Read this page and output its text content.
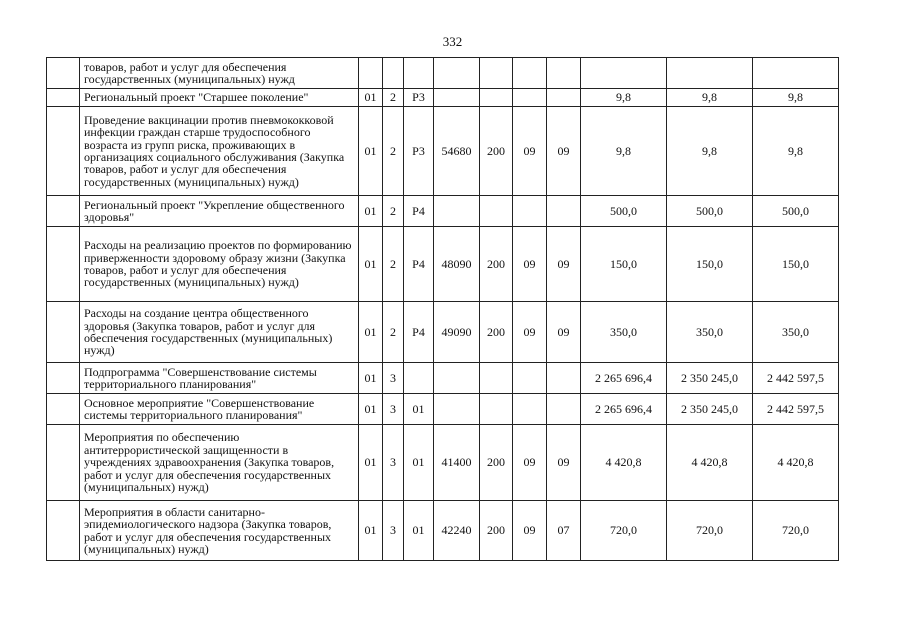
332
	товаров, работ и услуг для обеспечения государственных (муниципальных) нужд										
	Региональный проект "Старшее поколение"	01	2	P3					9,8	9,8	9,8
	Проведение вакцинации против пневмококковой инфекции граждан старше трудоспособного возраста из групп риска, проживающих в организациях социального обслуживания (Закупка товаров, работ и услуг для обеспечения государственных (муниципальных) нужд)	01	2	P3	54680	200	09	09	9,8	9,8	9,8
	Региональный проект "Укрепление общественного здоровья"	01	2	P4					500,0	500,0	500,0
	Расходы на реализацию проектов по формированию приверженности здоровому образу жизни (Закупка товаров, работ и услуг для обеспечения государственных (муниципальных) нужд)	01	2	P4	48090	200	09	09	150,0	150,0	150,0
	Расходы на создание центра общественного здоровья (Закупка товаров, работ и услуг для обеспечения государственных (муниципальных) нужд)	01	2	P4	49090	200	09	09	350,0	350,0	350,0
	Подпрограмма "Совершенствование системы территориального планирования"	01	3						2 265 696,4	2 350 245,0	2 442 597,5
	Основное мероприятие "Совершенствование системы территориального планирования"	01	3	01					2 265 696,4	2 350 245,0	2 442 597,5
	Мероприятия по обеспечению антитеррористической защищенности в учреждениях здравоохранения (Закупка товаров, работ и услуг для обеспечения государственных (муниципальных) нужд)	01	3	01	41400	200	09	09	4 420,8	4 420,8	4 420,8
	Мероприятия в области санитарно-эпидемиологического надзора (Закупка товаров, работ и услуг для обеспечения государственных (муниципальных) нужд)	01	3	01	42240	200	09	07	720,0	720,0	720,0
